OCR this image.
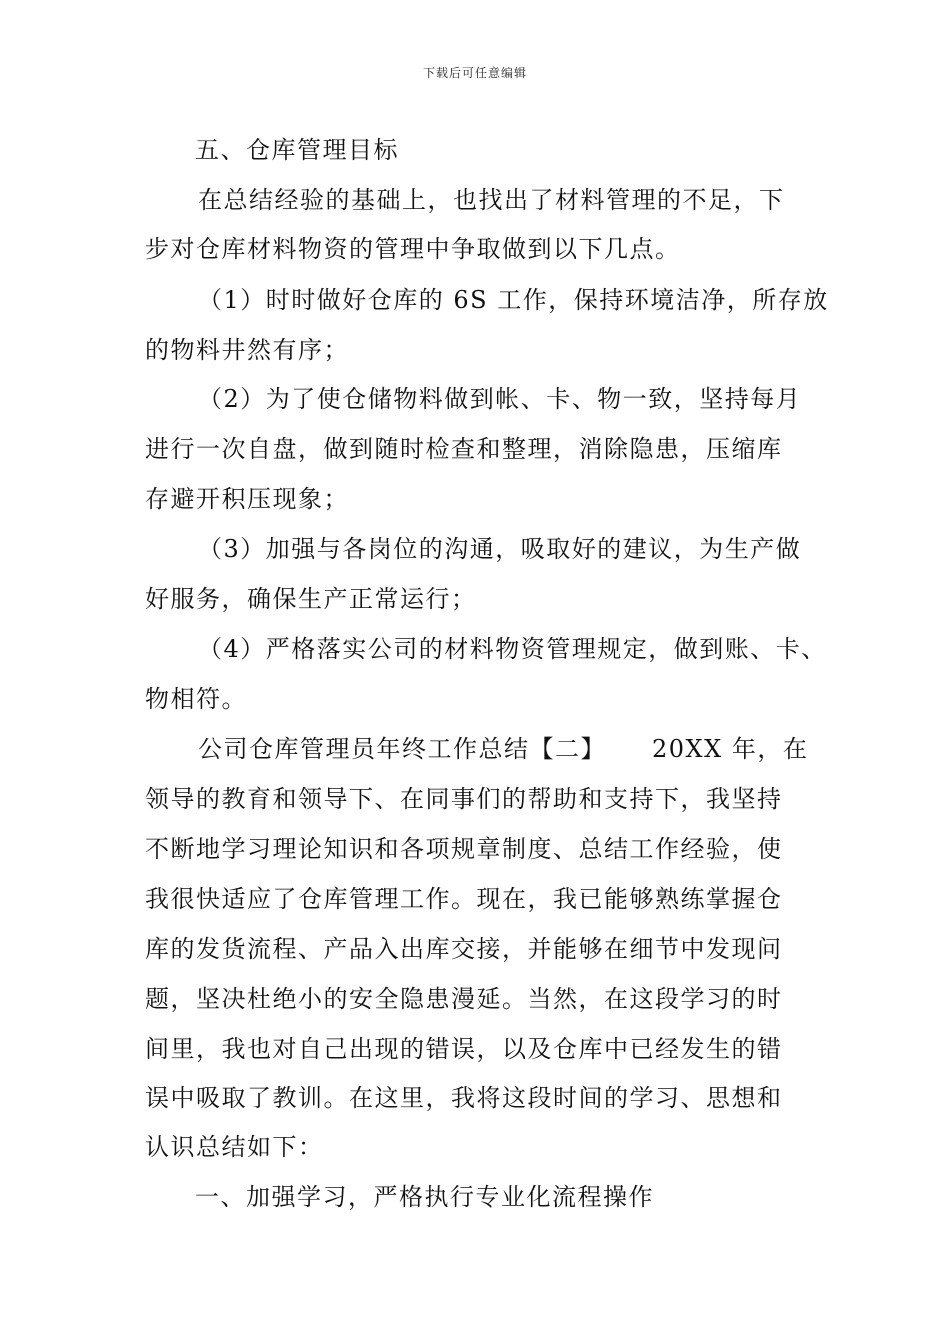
下载后可任意编辑
五、仓库管理目标
在总结经验的基础上，也找出了材料管理的不足，下
步对仓库材料物资的管理中争取做到以下几点。
（1）时时做好仓库的 6S 工作，保持环境洁净，所存放
的物料井然有序；
（2）为了使仓储物料做到帐、卡、物一致，坚持每月
进行一次自盘，做到随时检查和整理，消除隐患，压缩库
存避开积压现象；
（3）加强与各岗位的沟通，吸取好的建议，为生产做
好服务，确保生产正常运行；
（4）严格落实公司的材料物资管理规定，做到账、卡、
物相符。
公司仓库管理员年终工作总结【二】 20XX 年，在
领导的教育和领导下、在同事们的帮助和支持下，我坚持
不断地学习理论知识和各项规章制度、总结工作经验，使
我很快适应了仓库管理工作。现在，我已能够熟练掌握仓
库的发货流程、产品入出库交接，并能够在细节中发现问
题，坚决杜绝小的安全隐患漫延。当然，在这段学习的时
间里，我也对自己出现的错误，以及仓库中已经发生的错
误中吸取了教训。在这里，我将这段时间的学习、思想和
认识总结如下：
一、加强学习，严格执行专业化流程操作
